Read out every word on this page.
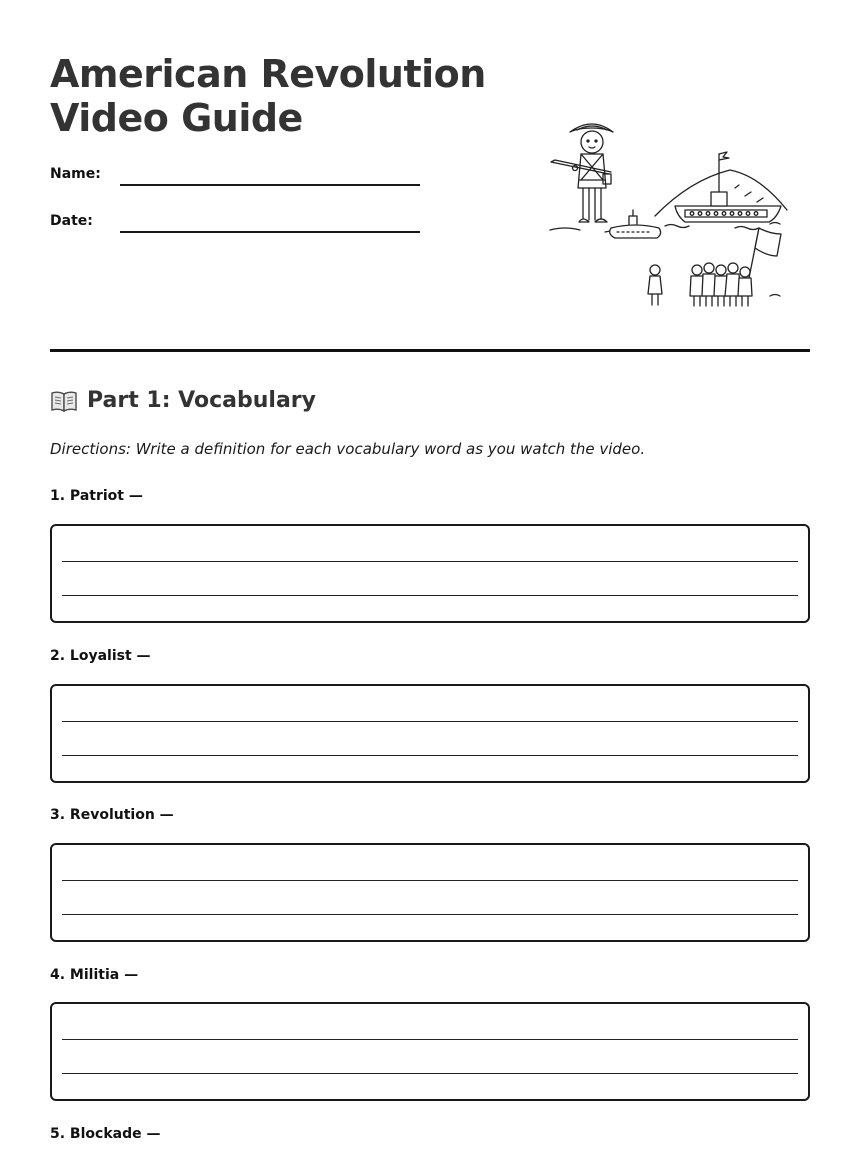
American Revolution
Video Guide
Name:
Date:
Part 1: Vocabulary
Directions: Write a definition for each vocabulary word as you watch the video.
1. Patriot —
2. Loyalist —
3. Revolution —
4. Militia —
5. Blockade —
